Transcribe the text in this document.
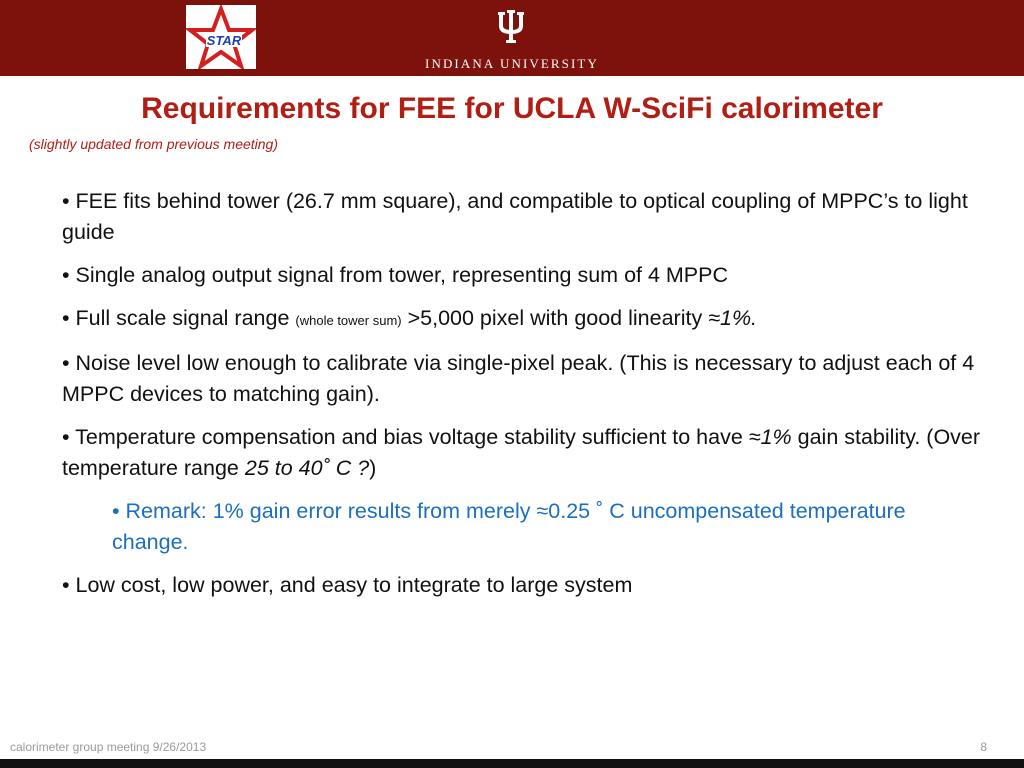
STAR
INDIANA UNIVERSITY
Requirements for FEE for UCLA W-SciFi calorimeter
(slightly updated from previous meeting)
• FEE fits behind tower (26.7 mm square), and compatible to optical coupling of MPPC’s to light guide
• Single analog output signal from tower, representing sum of 4 MPPC
• Full scale signal range (whole tower sum) >5,000 pixel with good linearity ≈1%.
• Noise level low enough to calibrate via single-pixel peak. (This is necessary to adjust each of 4 MPPC devices to matching gain).
• Temperature compensation and bias voltage stability sufficient to have ≈1% gain stability. (Over temperature range 25 to 40˚ C ?)
• Remark: 1% gain error results from merely ≈0.25 ˚ C uncompensated temperature change.
• Low cost, low power, and easy to integrate to large system
calorimeter group meeting 9/26/2013	8
